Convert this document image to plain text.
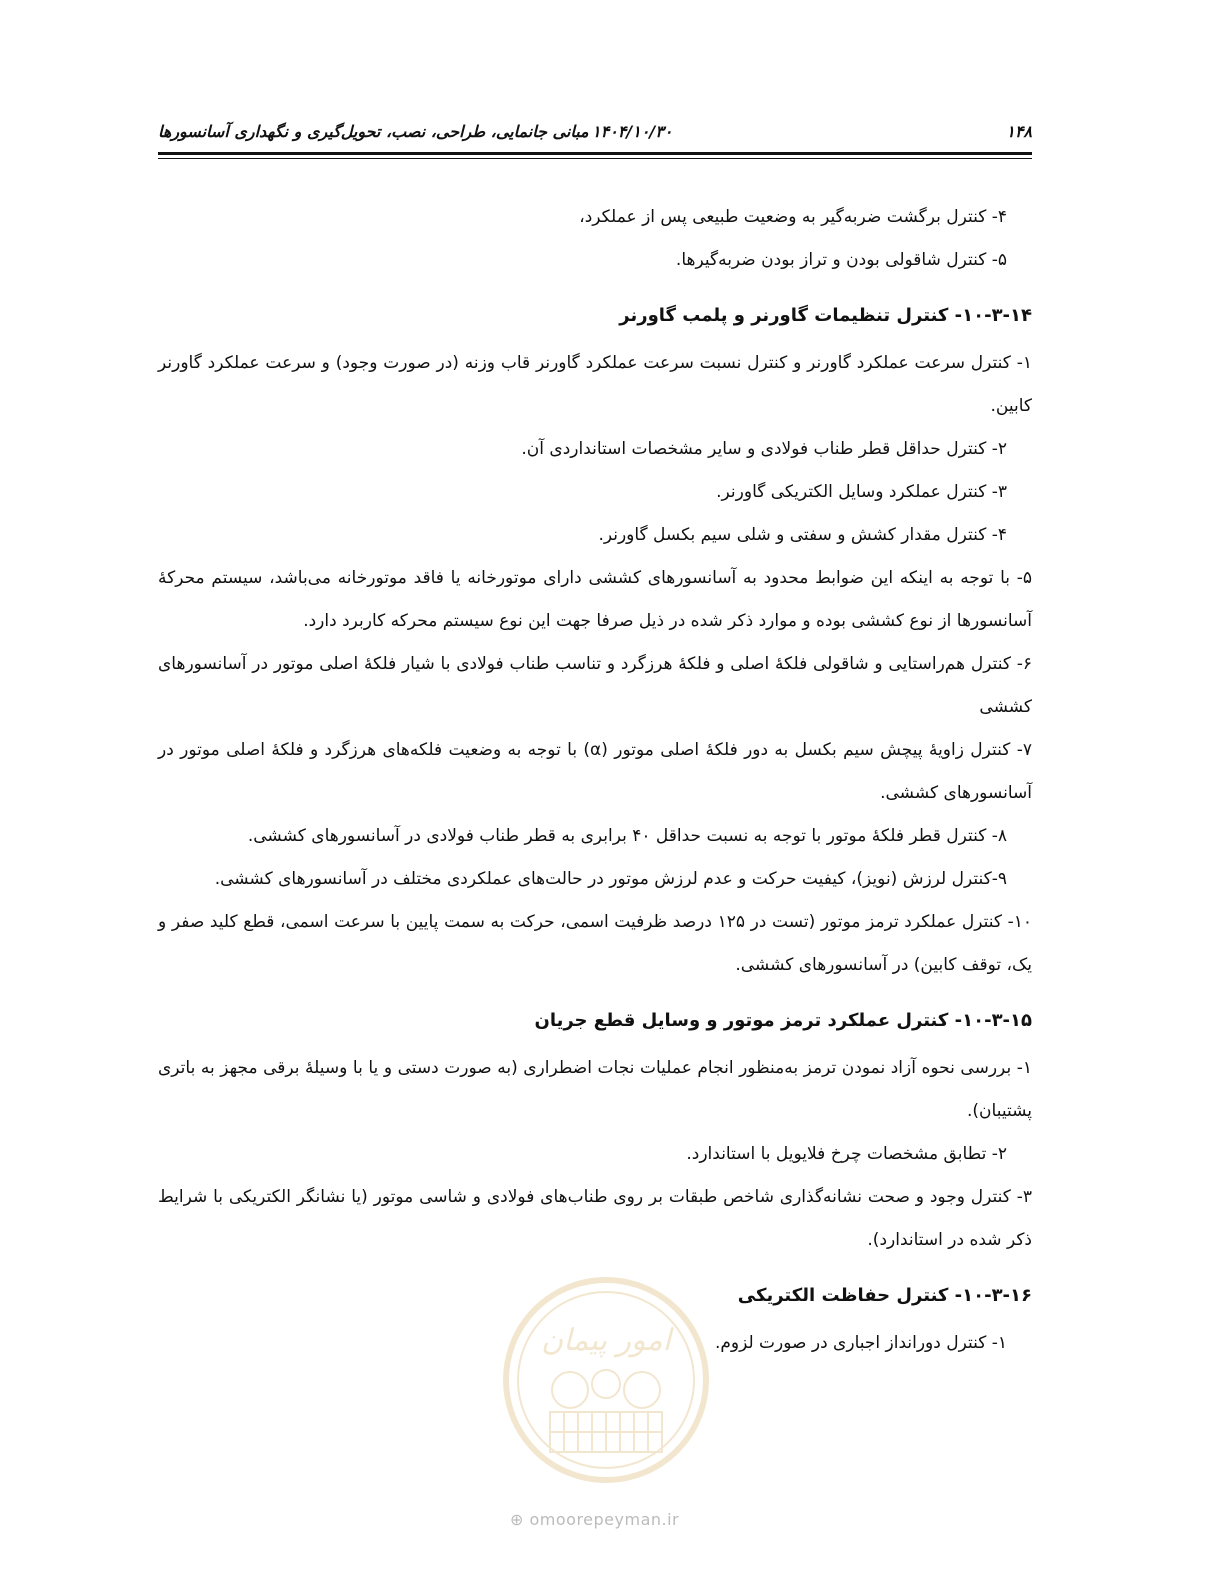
۱۴۸
۱۴۰۴/۱۰/۳۰
مبانی جانمایی، طراحی، نصب، تحویل‌گیری و نگهداری آسانسورها

۴- کنترل برگشت ضربه‌گیر به وضعیت طبیعی پس از عملکرد،

۵- کنترل شاقولی بودن و تراز بودن ضربه‌گیرها.

۱۰-۳-۱۴- کنترل تنظیمات گاورنر و پلمب گاورنر

۱- کنترل سرعت عملکرد گاورنر و کنترل نسبت سرعت عملکرد گاورنر قاب وزنه (در صورت وجود) و سرعت عملکرد گاورنر کابین.

۲- کنترل حداقل قطر طناب فولادی و سایر مشخصات استانداردی آن.

۳- کنترل عملکرد وسایل الکتریکی گاورنر.

۴- کنترل مقدار کشش و سفتی و شلی سیم بکسل گاورنر.

۵- با توجه به اینکه این ضوابط محدود به آسانسورهای کششی دارای موتورخانه یا فاقد موتورخانه می‌باشد، سیستم محرکهٔ آسانسورها از نوع کششی بوده و موارد ذکر شده در ذیل صرفا جهت این نوع سیستم محرکه کاربرد دارد.

۶- کنترل هم‌راستایی و شاقولی فلکهٔ اصلی و فلکهٔ هرزگرد و تناسب طناب فولادی با شیار فلکهٔ اصلی موتور در آسانسورهای کششی

۷- کنترل زاویهٔ پیچش سیم بکسل به دور فلکهٔ اصلی موتور (α) با توجه به وضعیت فلکه‌های هرزگرد و فلکهٔ اصلی موتور در آسانسورهای کششی.

۸- کنترل قطر فلکهٔ موتور با توجه به نسبت حداقل ۴۰ برابری به قطر طناب فولادی در آسانسورهای کششی.

۹-کنترل لرزش (نویز)، کیفیت حرکت و عدم لرزش موتور در حالت‌های عملکردی مختلف در آسانسورهای کششی.

۱۰- کنترل عملکرد ترمز موتور (تست در ۱۲۵ درصد ظرفیت اسمی، حرکت به سمت پایین با سرعت اسمی، قطع کلید صفر و یک، توقف کابین) در آسانسورهای کششی.

۱۰-۳-۱۵- کنترل عملکرد ترمز موتور و وسایل قطع جریان

۱- بررسی نحوه آزاد نمودن ترمز به‌منظور انجام عملیات نجات اضطراری (به صورت دستی و یا با وسیلهٔ برقی مجهز به باتری پشتیبان).

۲- تطابق مشخصات چرخ فلایویل با استاندارد.

۳- کنترل وجود و صحت نشانه‌گذاری شاخص طبقات بر روی طناب‌های فولادی و شاسی موتور (یا نشانگر الکتریکی با شرایط ذکر شده در استاندارد).

۱۰-۳-۱۶- کنترل حفاظت الکتریکی

۱- کنترل دورانداز اجباری در صورت لزوم.

امور پیمان
⊕ omoorepeyman.ir
